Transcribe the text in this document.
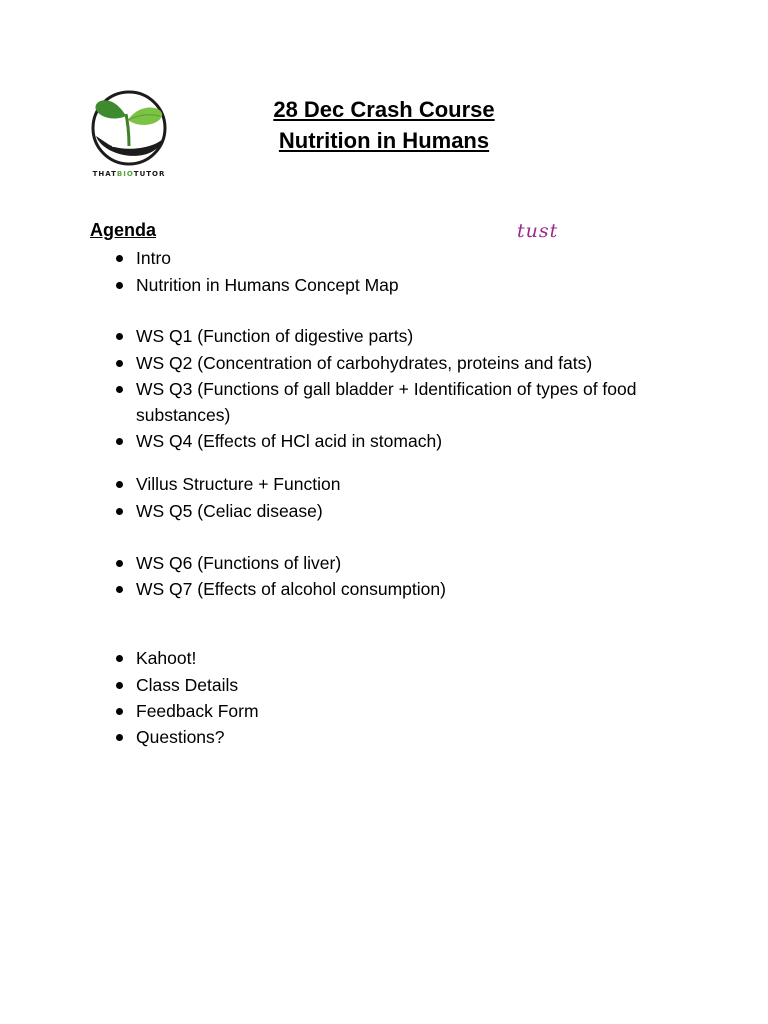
THATBIOTUTOR
28 Dec Crash Course
Nutrition in Humans
Agenda	tust
Intro
Nutrition in Humans Concept Map
WS Q1 (Function of digestive parts)
WS Q2 (Concentration of carbohydrates, proteins and fats)
WS Q3 (Functions of gall bladder + Identification of types of food substances)
WS Q4 (Effects of HCl acid in stomach)
Villus Structure + Function
WS Q5 (Celiac disease)
WS Q6 (Functions of liver)
WS Q7 (Effects of alcohol consumption)
Kahoot!
Class Details
Feedback Form
Questions?
